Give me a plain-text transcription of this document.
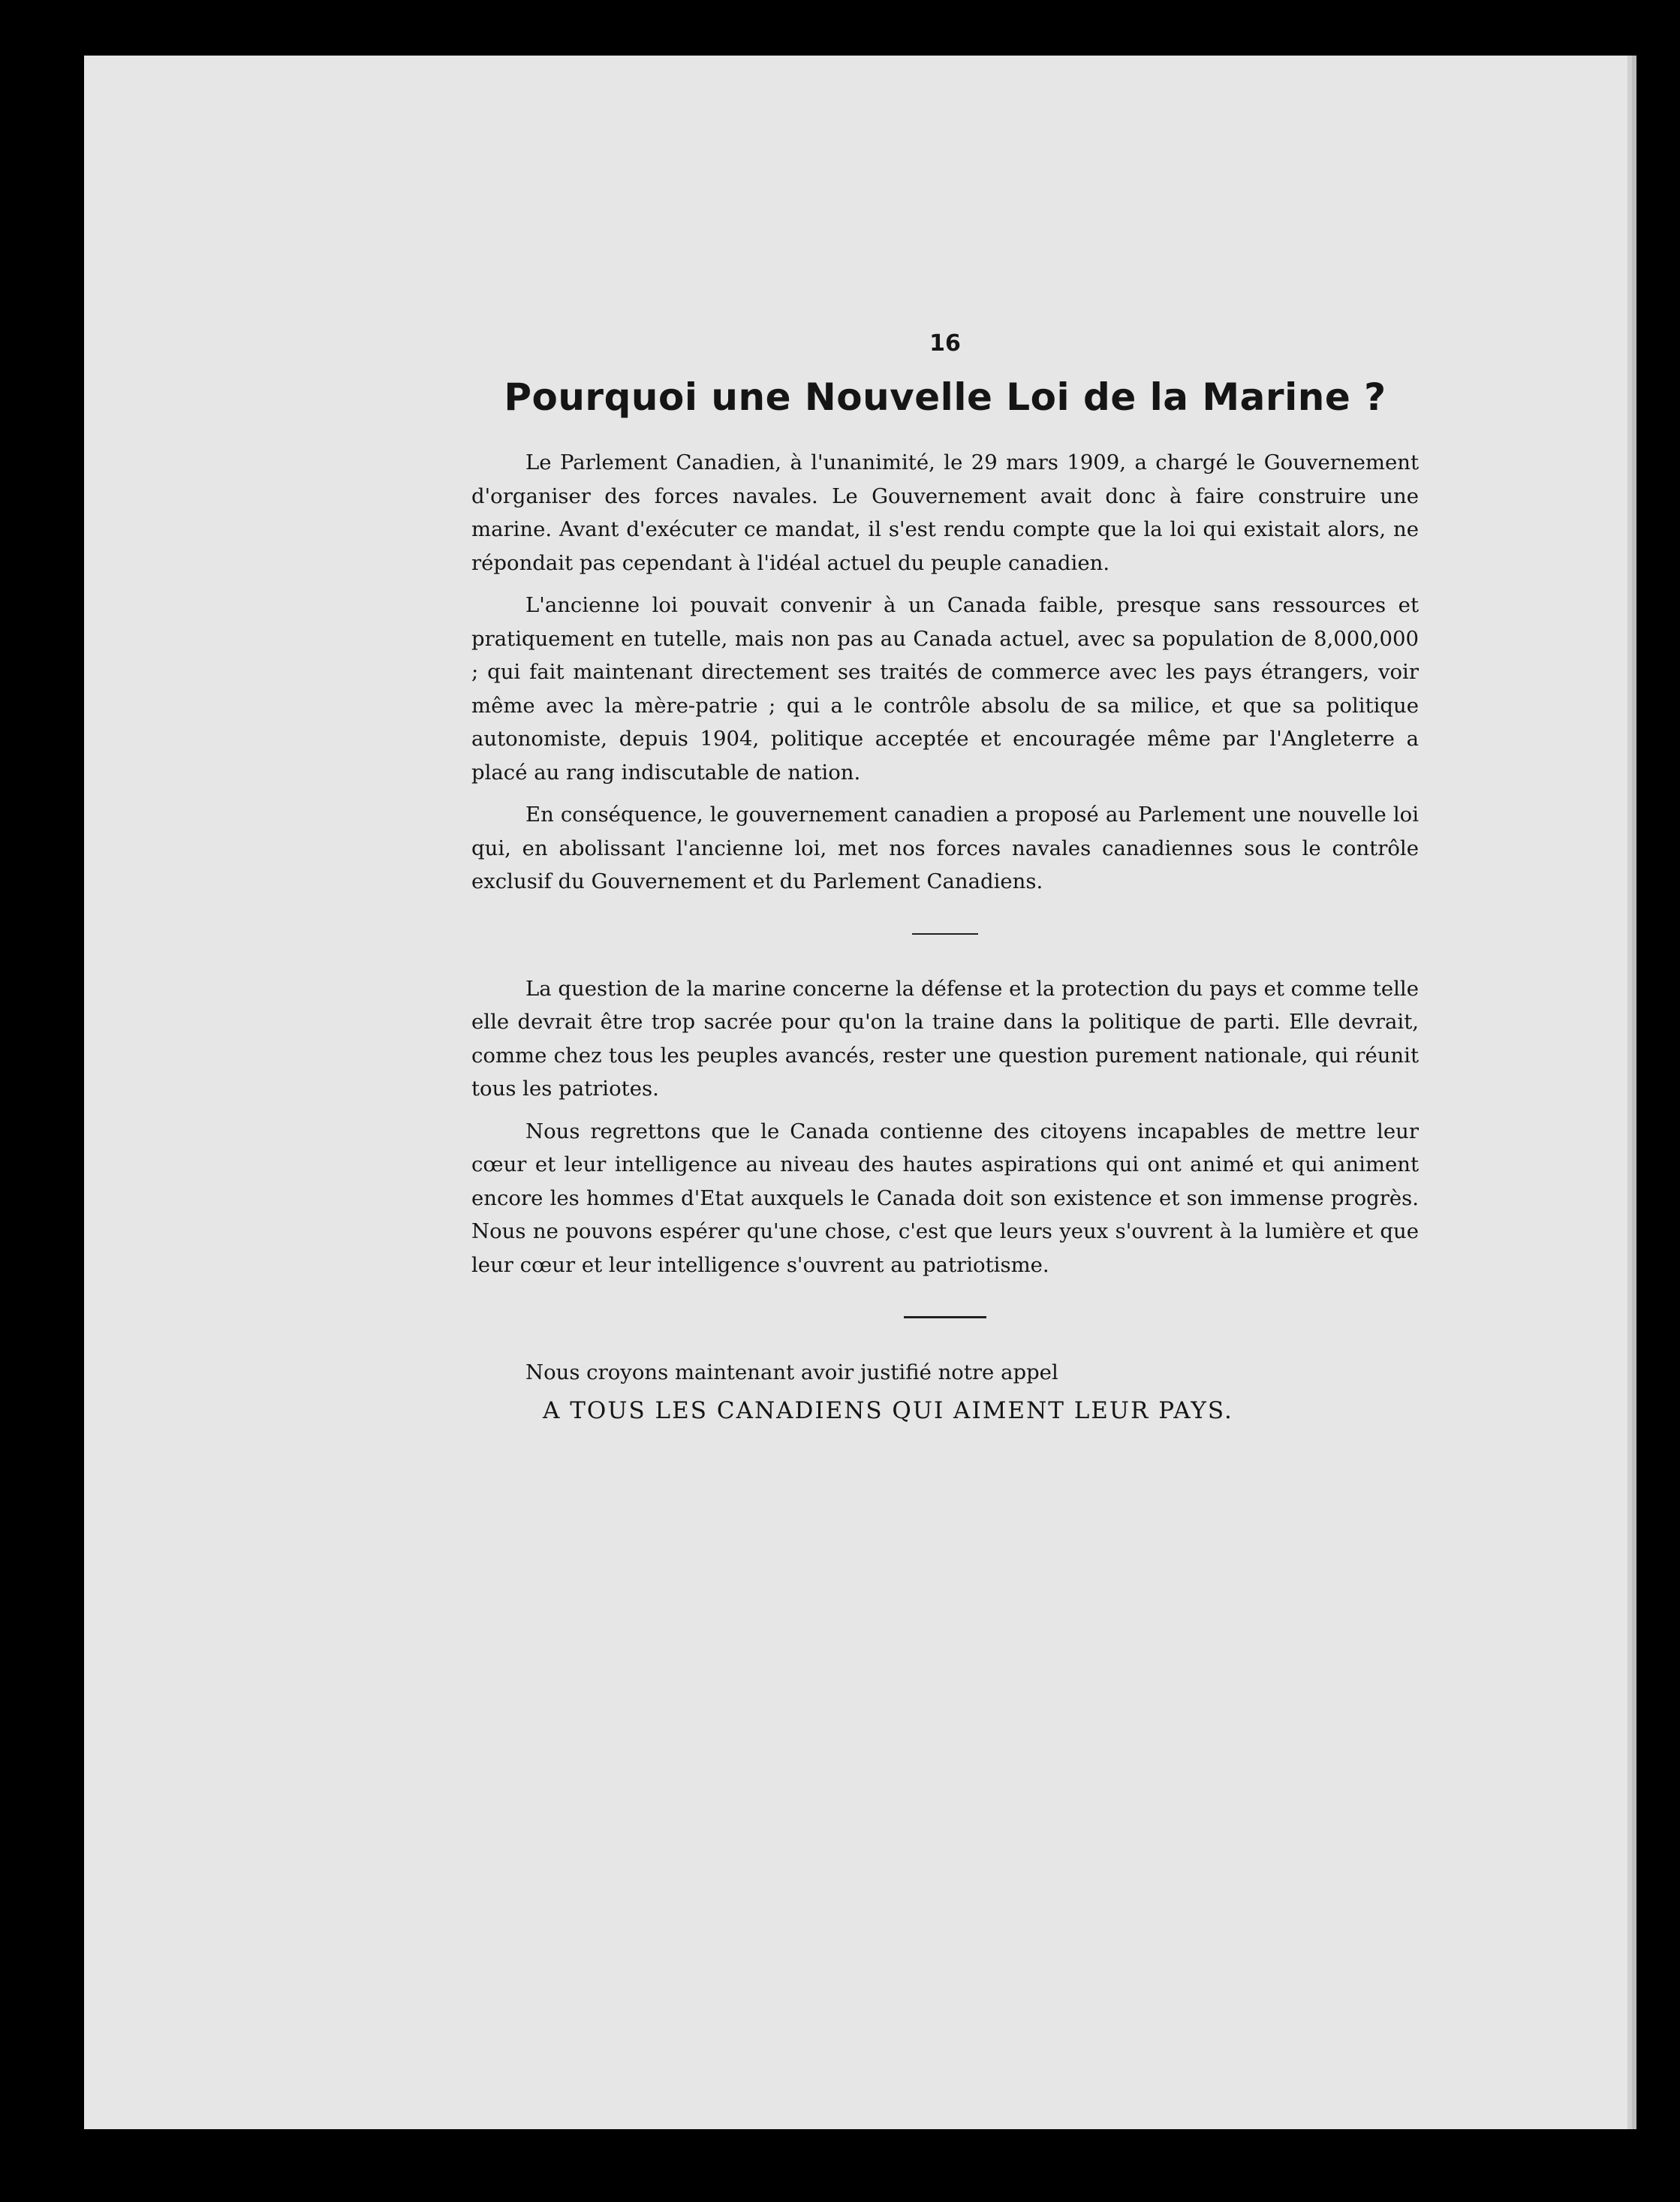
16
Pourquoi une Nouvelle Loi de la Marine ?

Le Parlement Canadien, à l'unanimité, le 29 mars 1909, a chargé le Gouvernement d'organiser des forces navales. Le Gouvernement avait donc à faire construire une marine. Avant d'exécuter ce mandat, il s'est rendu compte que la loi qui existait alors, ne répondait pas cependant à l'idéal actuel du peuple canadien.

L'ancienne loi pouvait convenir à un Canada faible, presque sans ressources et pratiquement en tutelle, mais non pas au Canada actuel, avec sa population de 8,000,000 ; qui fait maintenant directement ses traités de commerce avec les pays étrangers, voir même avec la mère-patrie ; qui a le contrôle absolu de sa milice, et que sa politique autonomiste, depuis 1904, politique acceptée et encouragée même par l'Angleterre a placé au rang indiscutable de nation.

En conséquence, le gouvernement canadien a proposé au Parlement une nouvelle loi qui, en abolissant l'ancienne loi, met nos forces navales canadiennes sous le contrôle exclusif du Gouvernement et du Parlement Canadiens.

La question de la marine concerne la défense et la protection du pays et comme telle elle devrait être trop sacrée pour qu'on la traine dans la politique de parti. Elle devrait, comme chez tous les peuples avancés, rester une question purement nationale, qui réunit tous les patriotes.

Nous regrettons que le Canada contienne des citoyens incapables de mettre leur cœur et leur intelligence au niveau des hautes aspirations qui ont animé et qui animent encore les hommes d'Etat auxquels le Canada doit son existence et son immense progrès. Nous ne pouvons espérer qu'une chose, c'est que leurs yeux s'ouvrent à la lumière et que leur cœur et leur intelligence s'ouvrent au patriotisme.

Nous croyons maintenant avoir justifié notre appel

A TOUS LES CANADIENS QUI AIMENT LEUR PAYS.
